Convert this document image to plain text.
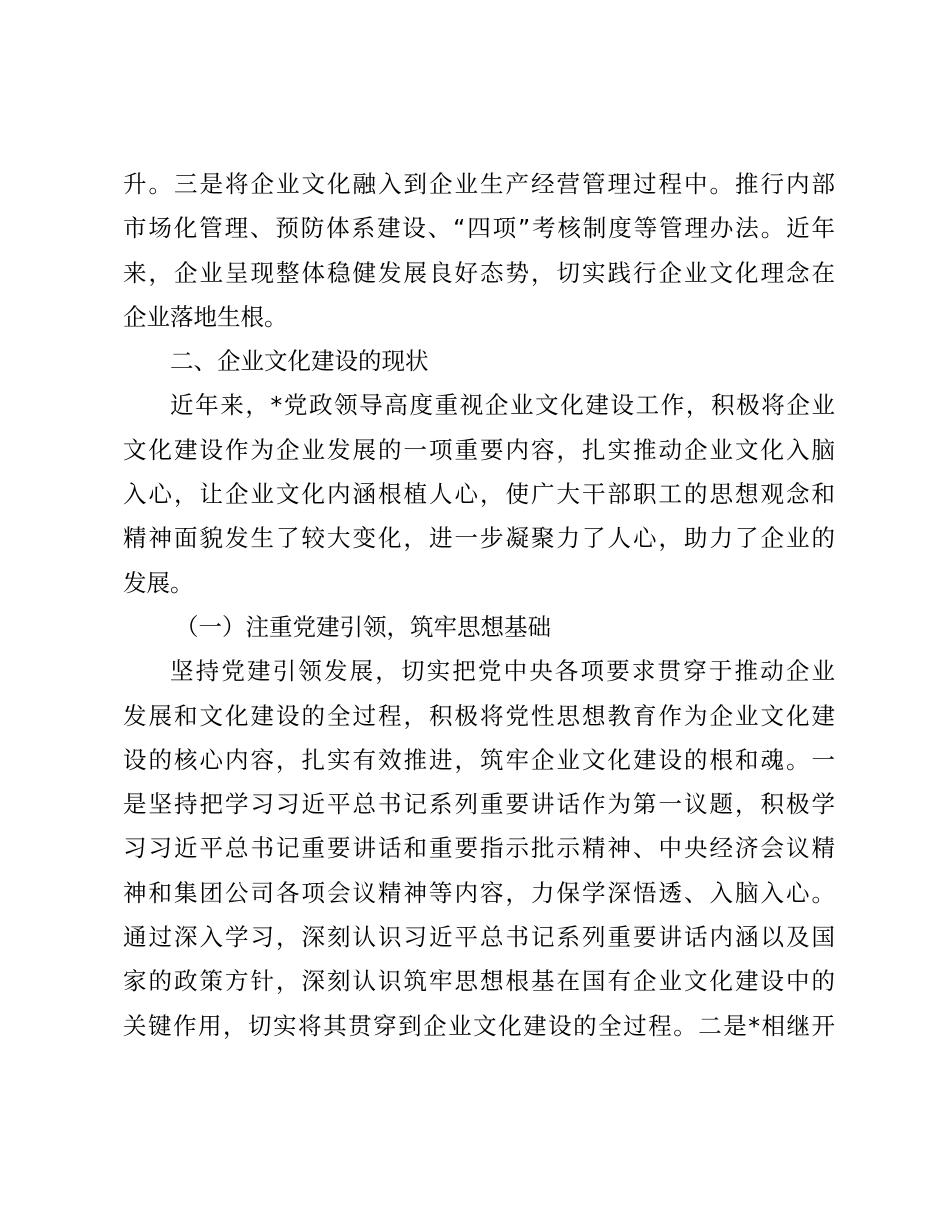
升。三是将企业文化融入到企业生产经营管理过程中。推行内部
市场化管理、预防体系建设、“四项”考核制度等管理办法。近年
来，企业呈现整体稳健发展良好态势，切实践行企业文化理念在
企业落地生根。
二、企业文化建设的现状
近年来，*党政领导高度重视企业文化建设工作，积极将企业
文化建设作为企业发展的一项重要内容，扎实推动企业文化入脑
入心，让企业文化内涵根植人心，使广大干部职工的思想观念和
精神面貌发生了较大变化，进一步凝聚力了人心，助力了企业的
发展。
（一）注重党建引领，筑牢思想基础
坚持党建引领发展，切实把党中央各项要求贯穿于推动企业
发展和文化建设的全过程，积极将党性思想教育作为企业文化建
设的核心内容，扎实有效推进，筑牢企业文化建设的根和魂。一
是坚持把学习习近平总书记系列重要讲话作为第一议题，积极学
习习近平总书记重要讲话和重要指示批示精神、中央经济会议精
神和集团公司各项会议精神等内容，力保学深悟透、入脑入心。
通过深入学习，深刻认识习近平总书记系列重要讲话内涵以及国
家的政策方针，深刻认识筑牢思想根基在国有企业文化建设中的
关键作用，切实将其贯穿到企业文化建设的全过程。二是*相继开
